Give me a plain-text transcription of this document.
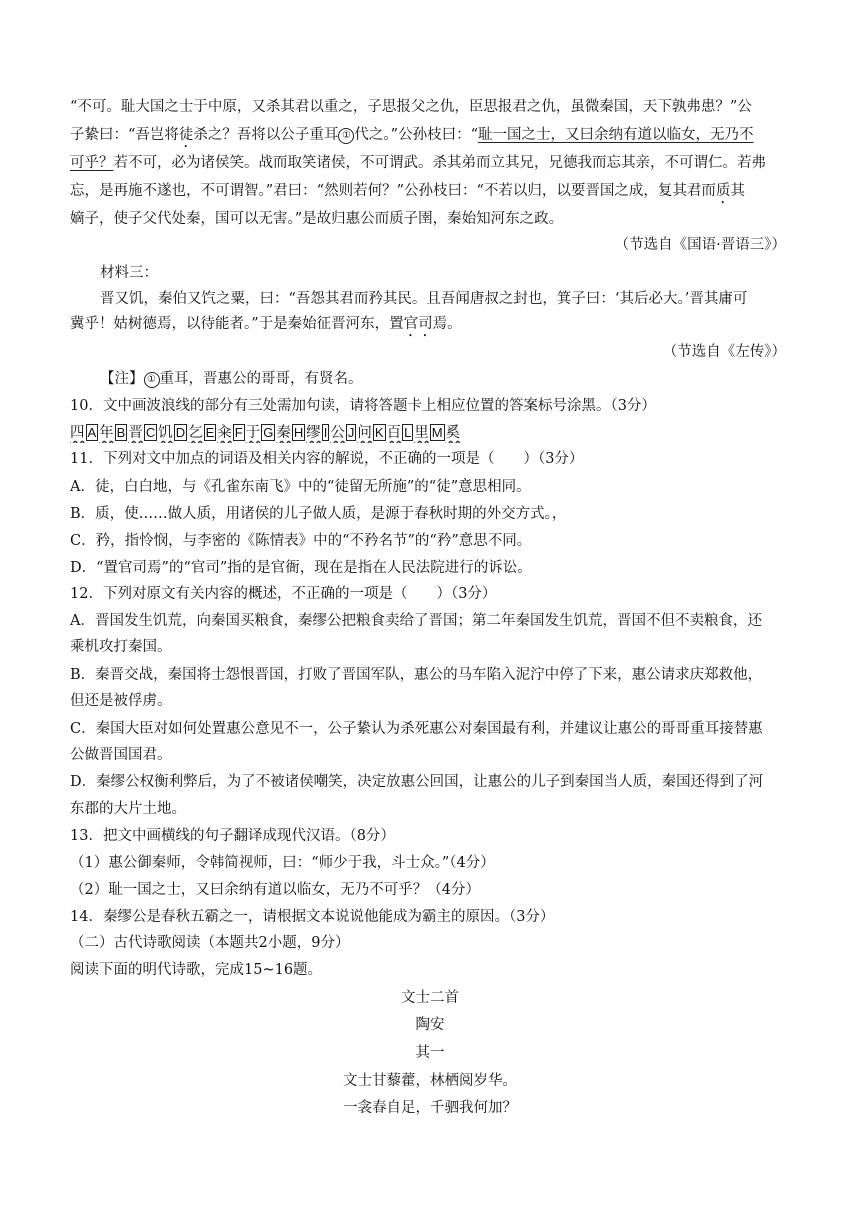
“不可。耻大国之士于中原，又杀其君以重之，子思报父之仇，臣思报君之仇，虽微秦国，天下孰弗患？”公
子絷曰：“吾岂将徒杀之？吾将以公子重耳 ① 代之。”公孙枝曰：“耻一国之士，又曰余纳有道以临女，无乃不
可乎？若不可，必为诸侯笑。战而取笑诸侯，不可谓武。杀其弟而立其兄，兄德我而忘其亲，不可谓仁。若弗
忘，是再施不遂也，不可谓智。”君曰：“然则若何？”公孙枝曰：“不若以归，以要晋国之成，复其君而质其
嫡子，使子父代处秦，国可以无害。”是故归惠公而质子圉，秦始知河东之政。
（节选自《国语·晋语三》）
材料三：
晋又饥，秦伯又饩之粟，曰：“吾怨其君而矜其民。且吾闻唐叔之封也，箕子曰：‘其后必大。’晋其庸可
冀乎！姑树德焉，以待能者。”于是秦始征晋河东，置官司焉。
（节选自《左传》）
【注】 ① 重耳，晋惠公的哥哥，有贤名。
10．文中画波浪线的部分有三处需加句读，请将答题卡上相应位置的答案标号涂黑。（3分）
四 A 年 B 晋 C 饥 D 乞 E 籴 F 于 G 秦 H 缪 I 公 J 问 K 百 L 里 M 奚
11．下列对文中加点的词语及相关内容的解说，不正确的一项是（　　）（3分）
A．徒，白白地，与《孔雀东南飞》中的“徒留无所施”的“徒”意思相同。
B．质，使……做人质，用诸侯的儿子做人质，是源于春秋时期的外交方式。，
C．矜，指怜悯，与李密的《陈情表》中的“不矜名节”的“矜”意思不同。
D．“置官司焉”的“官司”指的是官衙，现在是指在人民法院进行的诉讼。
12．下列对原文有关内容的概述，不正确的一项是（　　）（3分）
A．晋国发生饥荒，向秦国买粮食，秦缪公把粮食卖给了晋国；第二年秦国发生饥荒，晋国不但不卖粮食，还
乘机攻打秦国。
B．秦晋交战，秦国将士怨恨晋国，打败了晋国军队，惠公的马车陷入泥泞中停了下来，惠公请求庆郑救他，
但还是被俘虏。
C．秦国大臣对如何处置惠公意见不一，公子絷认为杀死惠公对秦国最有利，并建议让惠公的哥哥重耳接替惠
公做晋国国君。
D．秦缪公权衡利弊后，为了不被诸侯嘲笑，决定放惠公回国，让惠公的儿子到秦国当人质，秦国还得到了河
东郡的大片土地。
13．把文中画横线的句子翻译成现代汉语。（8分）
（1）惠公御秦师，令韩简视师，曰：“师少于我，斗士众。”（4分）
（2）耻一国之士，又曰余纳有道以临女，无乃不可乎？（4分）
14．秦缪公是春秋五霸之一，请根据文本说说他能成为霸主的原因。（3分）
（二）古代诗歌阅读（本题共2小题，9分）
阅读下面的明代诗歌，完成15~16题。
文士二首
陶安
其一
文士甘藜藿，林栖阅岁华。
一衾春自足，千驷我何加？
